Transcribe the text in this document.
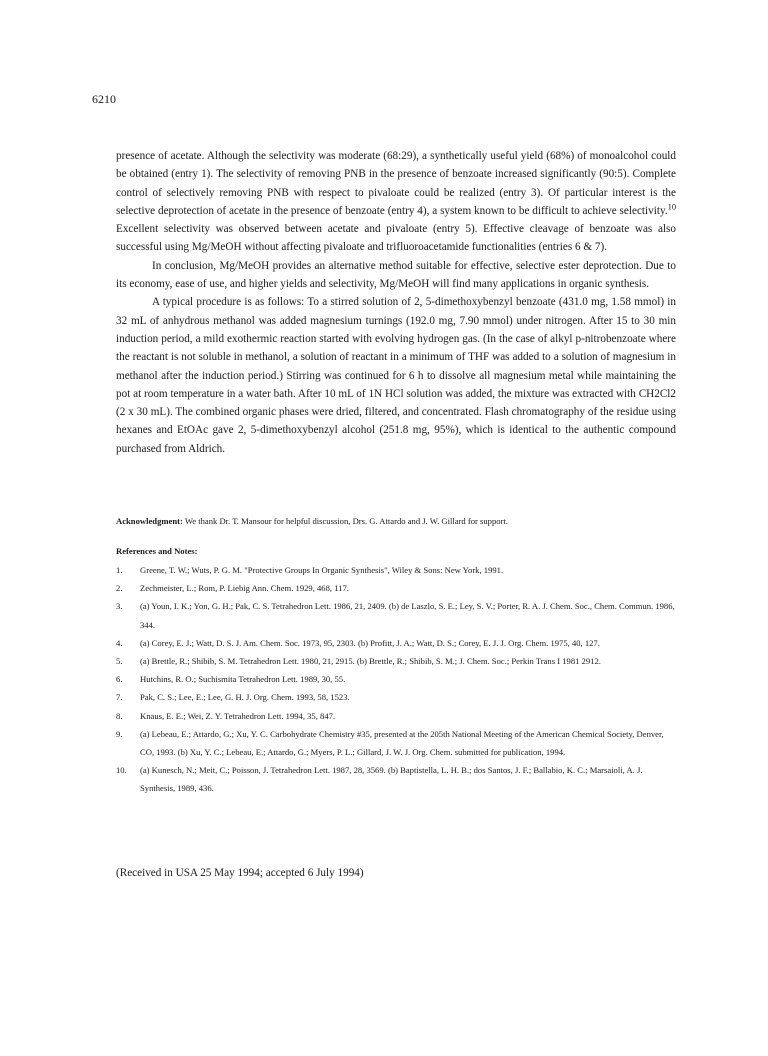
6210

presence of acetate. Although the selectivity was moderate (68:29), a synthetically useful yield (68%) of monoalcohol could be obtained (entry 1). The selectivity of removing PNB in the presence of benzoate increased significantly (90:5). Complete control of selectively removing PNB with respect to pivaloate could be realized (entry 3). Of particular interest is the selective deprotection of acetate in the presence of benzoate (entry 4), a system known to be difficult to achieve selectivity.$^{10}$ Excellent selectivity was observed between acetate and pivaloate (entry 5). Effective cleavage of benzoate was also successful using Mg/MeOH without affecting pivaloate and trifluoroacetamide functionalities (entries 6 & 7).

In conclusion, Mg/MeOH provides an alternative method suitable for effective, selective ester deprotection. Due to its economy, ease of use, and higher yields and selectivity, Mg/MeOH will find many applications in organic synthesis.

A typical procedure is as follows: To a stirred solution of 2, 5-dimethoxybenzyl benzoate (431.0 mg, 1.58 mmol) in 32 mL of anhydrous methanol was added magnesium turnings (192.0 mg, 7.90 mmol) under nitrogen. After 15 to 30 min induction period, a mild exothermic reaction started with evolving hydrogen gas. (In the case of alkyl p-nitrobenzoate where the reactant is not soluble in methanol, a solution of reactant in a minimum of THF was added to a solution of magnesium in methanol after the induction period.) Stirring was continued for 6 h to dissolve all magnesium metal while maintaining the pot at room temperature in a water bath. After 10 mL of 1N HCl solution was added, the mixture was extracted with CH2Cl2 (2 x 30 mL). The combined organic phases were dried, filtered, and concentrated. Flash chromatography of the residue using hexanes and EtOAc gave 2, 5-dimethoxybenzyl alcohol (251.8 mg, 95%), which is identical to the authentic compound purchased from Aldrich.

Acknowledgment: We thank Dr. T. Mansour for helpful discussion, Drs. G. Attardo and J. W. Gillard for support.
References and Notes:
1.	Greene, T. W.; Wuts, P. G. M. "Protective Groups In Organic Synthesis", Wiley & Sons: New York, 1991.
2.	Zechmeister, L.; Rom, P. Liebig Ann. Chem. 1929, 468, 117.
3.	(a) Youn, I. K.; Yon, G. H.; Pak, C. S. Tetrahedron Lett. 1986, 21, 2409. (b) de Laszlo, S. E.; Ley, S. V.; Porter, R. A. J. Chem. Soc., Chem. Commun. 1986, 344.
4.	(a) Corey, E. J.; Watt, D. S. J. Am. Chem. Soc. 1973, 95, 2303. (b) Profitt, J. A.; Watt, D. S.; Corey, E. J. J. Org. Chem. 1975, 40, 127.
5.	(a) Brettle, R.; Shibib, S. M. Tetrahedron Lett. 1980, 21, 2915. (b) Brettle, R.; Shibib, S. M.; J. Chem. Soc.; Perkin Trans I 1981 2912.
6.	Hutchins, R. O.; Suchismita Tetrahedron Lett. 1989, 30, 55.
7.	Pak, C. S.; Lee, E.; Lee, G. H. J. Org. Chem. 1993, 58, 1523.
8.	Knaus, E. E.; Wei, Z. Y. Tetrahedron Lett. 1994, 35, 847.
9.	(a) Lebeau, E.; Attardo, G.; Xu, Y. C. Carbohydrate Chemistry #35, presented at the 205th National Meeting of the American Chemical Society, Denver, CO, 1993. (b) Xu, Y. C.; Lebeau, E.; Attardo, G.; Myers, P. L.; Gillard, J. W. J. Org. Chem. submitted for publication, 1994.
10.	(a) Kunesch, N.; Meit, C.; Poisson, J. Tetrahedron Lett. 1987, 28, 3569. (b) Baptistella, L. H. B.; dos Santos, J. F.; Ballabio, K. C.; Marsaioli, A. J. Synthesis, 1989, 436.
(Received in USA 25 May 1994; accepted 6 July 1994)
